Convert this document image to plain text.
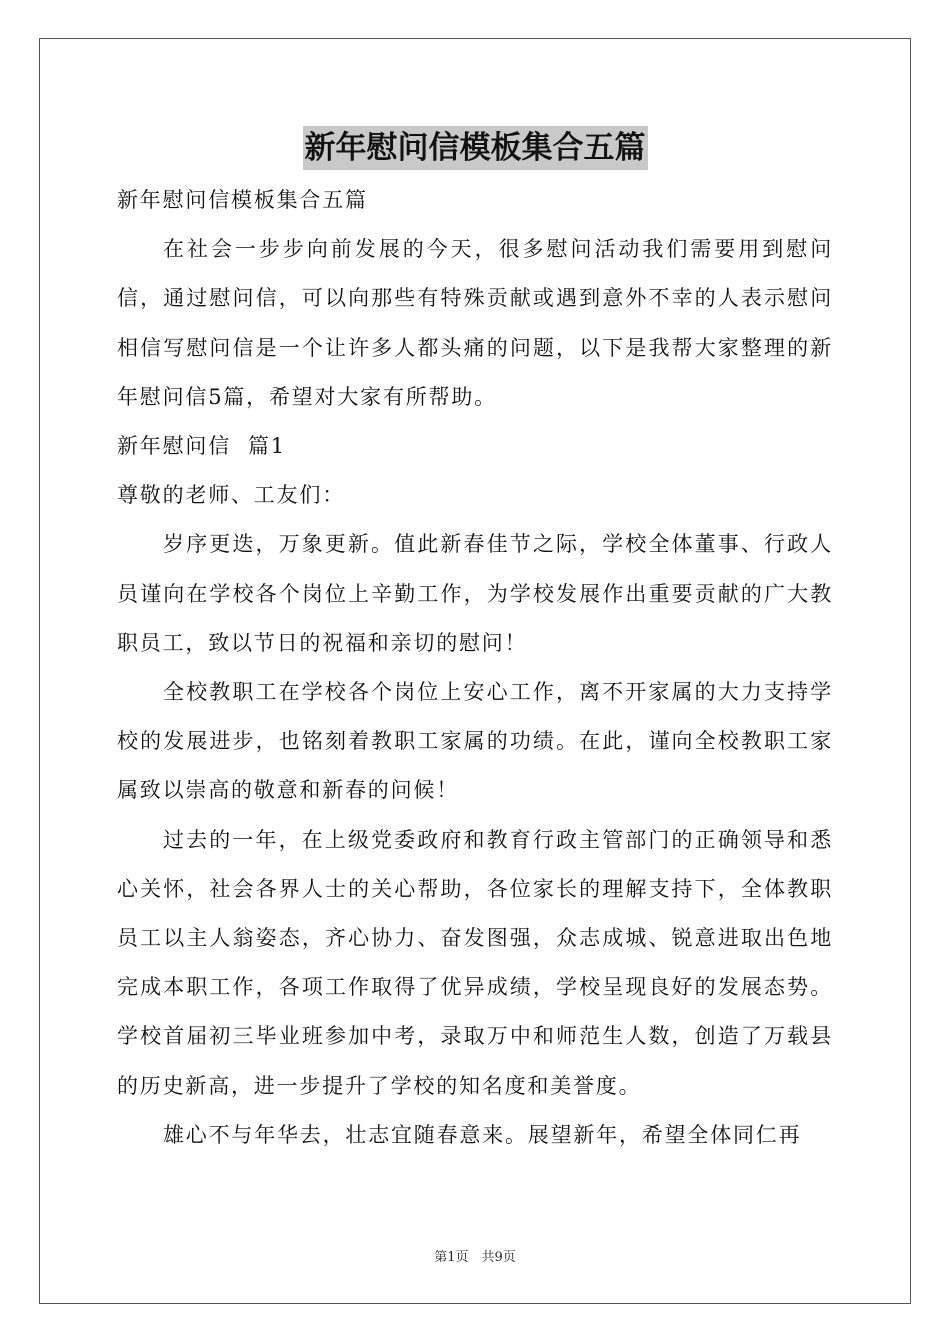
新年慰问信模板集合五篇
新年慰问信模板集合五篇

在社会一步步向前发展的今天，很多慰问活动我们需要用到慰问信，通过慰问信，可以向那些有特殊贡献或遇到意外不幸的人表示慰问相信写慰问信是一个让许多人都头痛的问题，以下是我帮大家整理的新年慰问信5篇，希望对大家有所帮助。

新年慰问信  篇1
尊敬的老师、工友们：

岁序更迭，万象更新。值此新春佳节之际，学校全体董事、行政人员谨向在学校各个岗位上辛勤工作，为学校发展作出重要贡献的广大教职员工，致以节日的祝福和亲切的慰问！

全校教职工在学校各个岗位上安心工作，离不开家属的大力支持学校的发展进步，也铭刻着教职工家属的功绩。在此，谨向全校教职工家属致以崇高的敬意和新春的问候！

过去的一年，在上级党委政府和教育行政主管部门的正确领导和悉心关怀，社会各界人士的关心帮助，各位家长的理解支持下，全体教职员工以主人翁姿态，齐心协力、奋发图强，众志成城、锐意进取出色地完成本职工作，各项工作取得了优异成绩，学校呈现良好的发展态势。学校首届初三毕业班参加中考，录取万中和师范生人数，创造了万载县的历史新高，进一步提升了学校的知名度和美誉度。

雄心不与年华去，壮志宜随春意来。展望新年，希望全体同仁再

第1页　共9页
